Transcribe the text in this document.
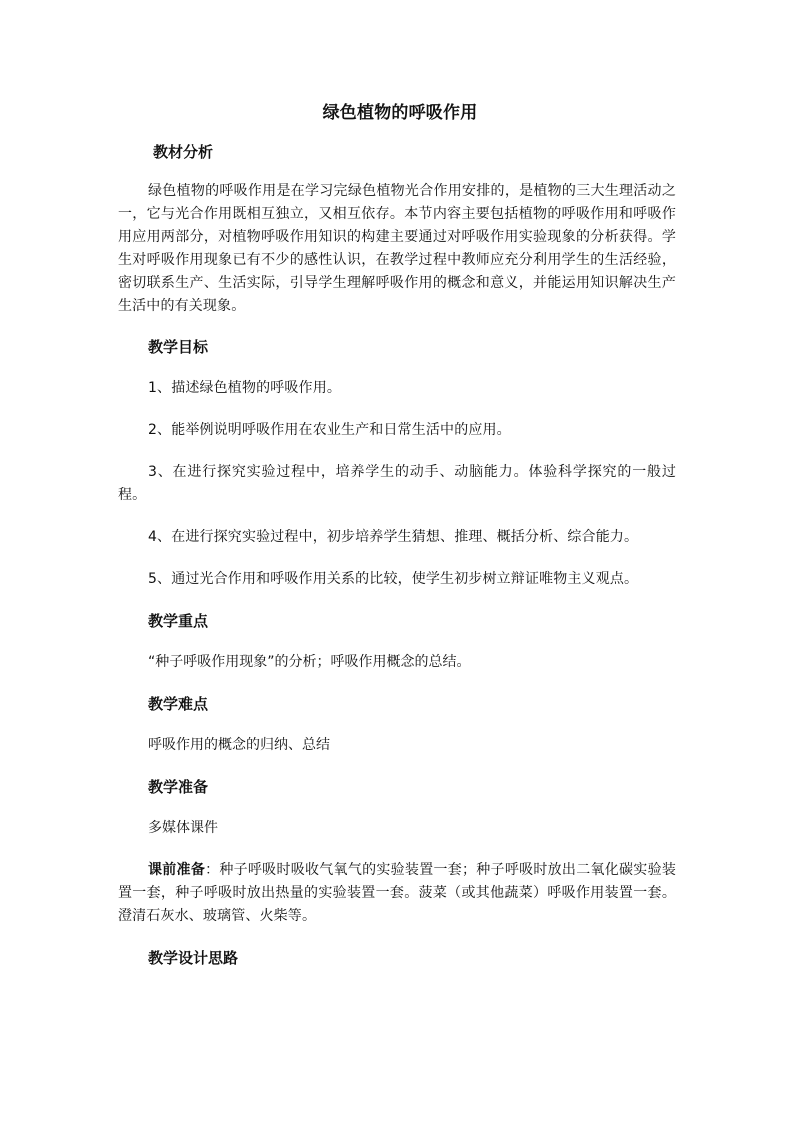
绿色植物的呼吸作用
教材分析

绿色植物的呼吸作用是在学习完绿色植物光合作用安排的，是植物的三大生理活动之一，它与光合作用既相互独立，又相互依存。本节内容主要包括植物的呼吸作用和呼吸作用应用两部分，对植物呼吸作用知识的构建主要通过对呼吸作用实验现象的分析获得。学生对呼吸作用现象已有不少的感性认识，在教学过程中教师应充分利用学生的生活经验，密切联系生产、生活实际，引导学生理解呼吸作用的概念和意义，并能运用知识解决生产生活中的有关现象。

教学目标

1、描述绿色植物的呼吸作用。

2、能举例说明呼吸作用在农业生产和日常生活中的应用。

3、在进行探究实验过程中，培养学生的动手、动脑能力。体验科学探究的一般过程。

4、在进行探究实验过程中，初步培养学生猜想、推理、概括分析、综合能力。

5、通过光合作用和呼吸作用关系的比较，使学生初步树立辩证唯物主义观点。

教学重点

“种子呼吸作用现象”的分析；呼吸作用概念的总结。

教学难点

呼吸作用的概念的归纳、总结

教学准备

多媒体课件

课前准备：种子呼吸时吸收气氧气的实验装置一套；种子呼吸时放出二氧化碳实验装置一套，种子呼吸时放出热量的实验装置一套。菠菜（或其他蔬菜）呼吸作用装置一套。澄清石灰水、玻璃管、火柴等。

教学设计思路
